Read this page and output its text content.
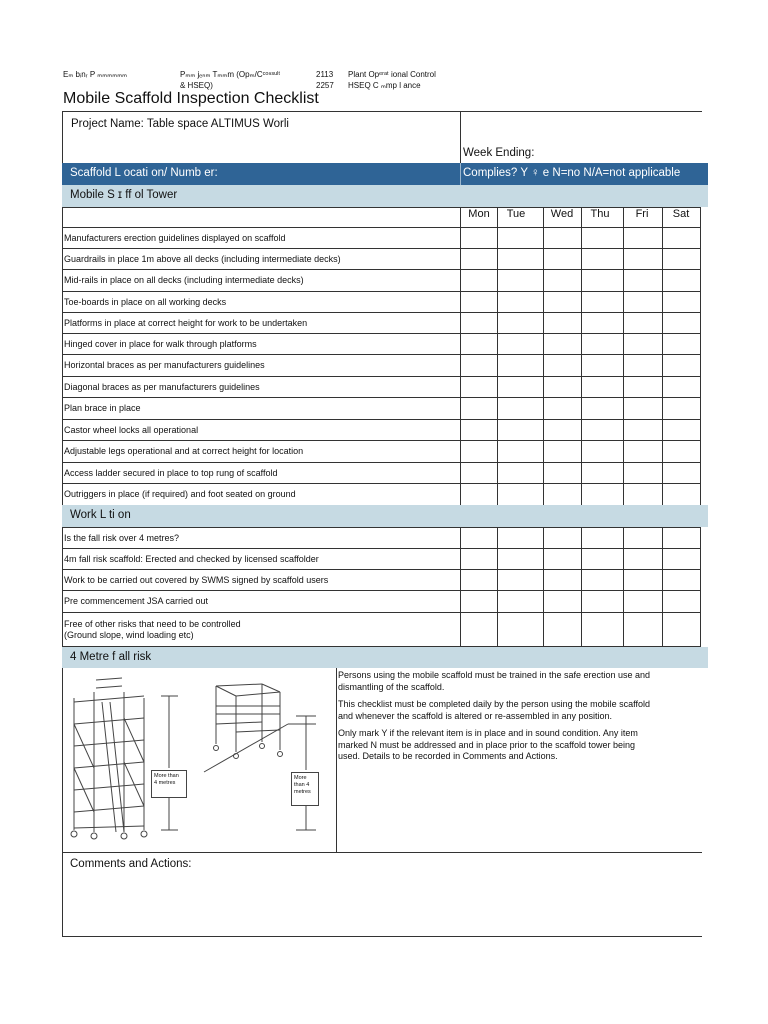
Eₘ bᵢnᵣ P ₘₘₘₘₘₘ	Pₘₘ jₑₙₘ Tₘₘm (Opₘ/Cᶜᵒⁿˢᵘˡᵗ
& HSEQ)
2113
2257
Plant Opᵉʳᵃᵗ ional Control
HSEQ C ₘmp l ance
Mobile Scaffold Inspection Checklist
Project Name: Table space ALTIMUS Worli
Week Ending:
Scaffold L ocati on/ Numb er:	Complies? Y ♀ e N=no N/A=not applicable
Mobile S ɪ ff ol Tower
Mon	Tue	Wed	Thu	Fri	Sat
Manufacturers erection guidelines displayed on scaffold
Guardrails in place 1m above all decks (including intermediate decks)
Mid-rails in place on all decks (including intermediate decks)
Toe-boards in place on all working decks
Platforms in place at correct height for work to be undertaken
Hinged cover in place for walk through platforms
Horizontal braces as per manufacturers guidelines
Diagonal braces as per manufacturers guidelines
Plan brace in place
Castor wheel locks all operational
Adjustable legs operational and at correct height for location
Access ladder secured in place to top rung of scaffold
Outriggers in place (if required) and foot seated on ground
Work L ti on
Is the fall risk over 4 metres?
4m fall risk scaffold: Erected and checked by licensed scaffolder
Work to be carried out covered by SWMS signed by scaffold users
Pre commencement JSA carried out
Free of other risks that need to be controlled
(Ground slope, wind loading etc)
4 Metre f all risk
More than
4 metres
More
than 4
metres

Persons using the mobile scaffold must be trained in the safe erection use and dismantling of the scaffold.

This checklist must be completed daily by the person using the mobile scaffold and whenever the scaffold is altered or re-assembled in any position.

Only mark Y if the relevant item is in place and in sound condition. Any item marked N must be addressed and in place prior to the scaffold tower being used. Details to be recorded in Comments and Actions.

Comments and Actions:
